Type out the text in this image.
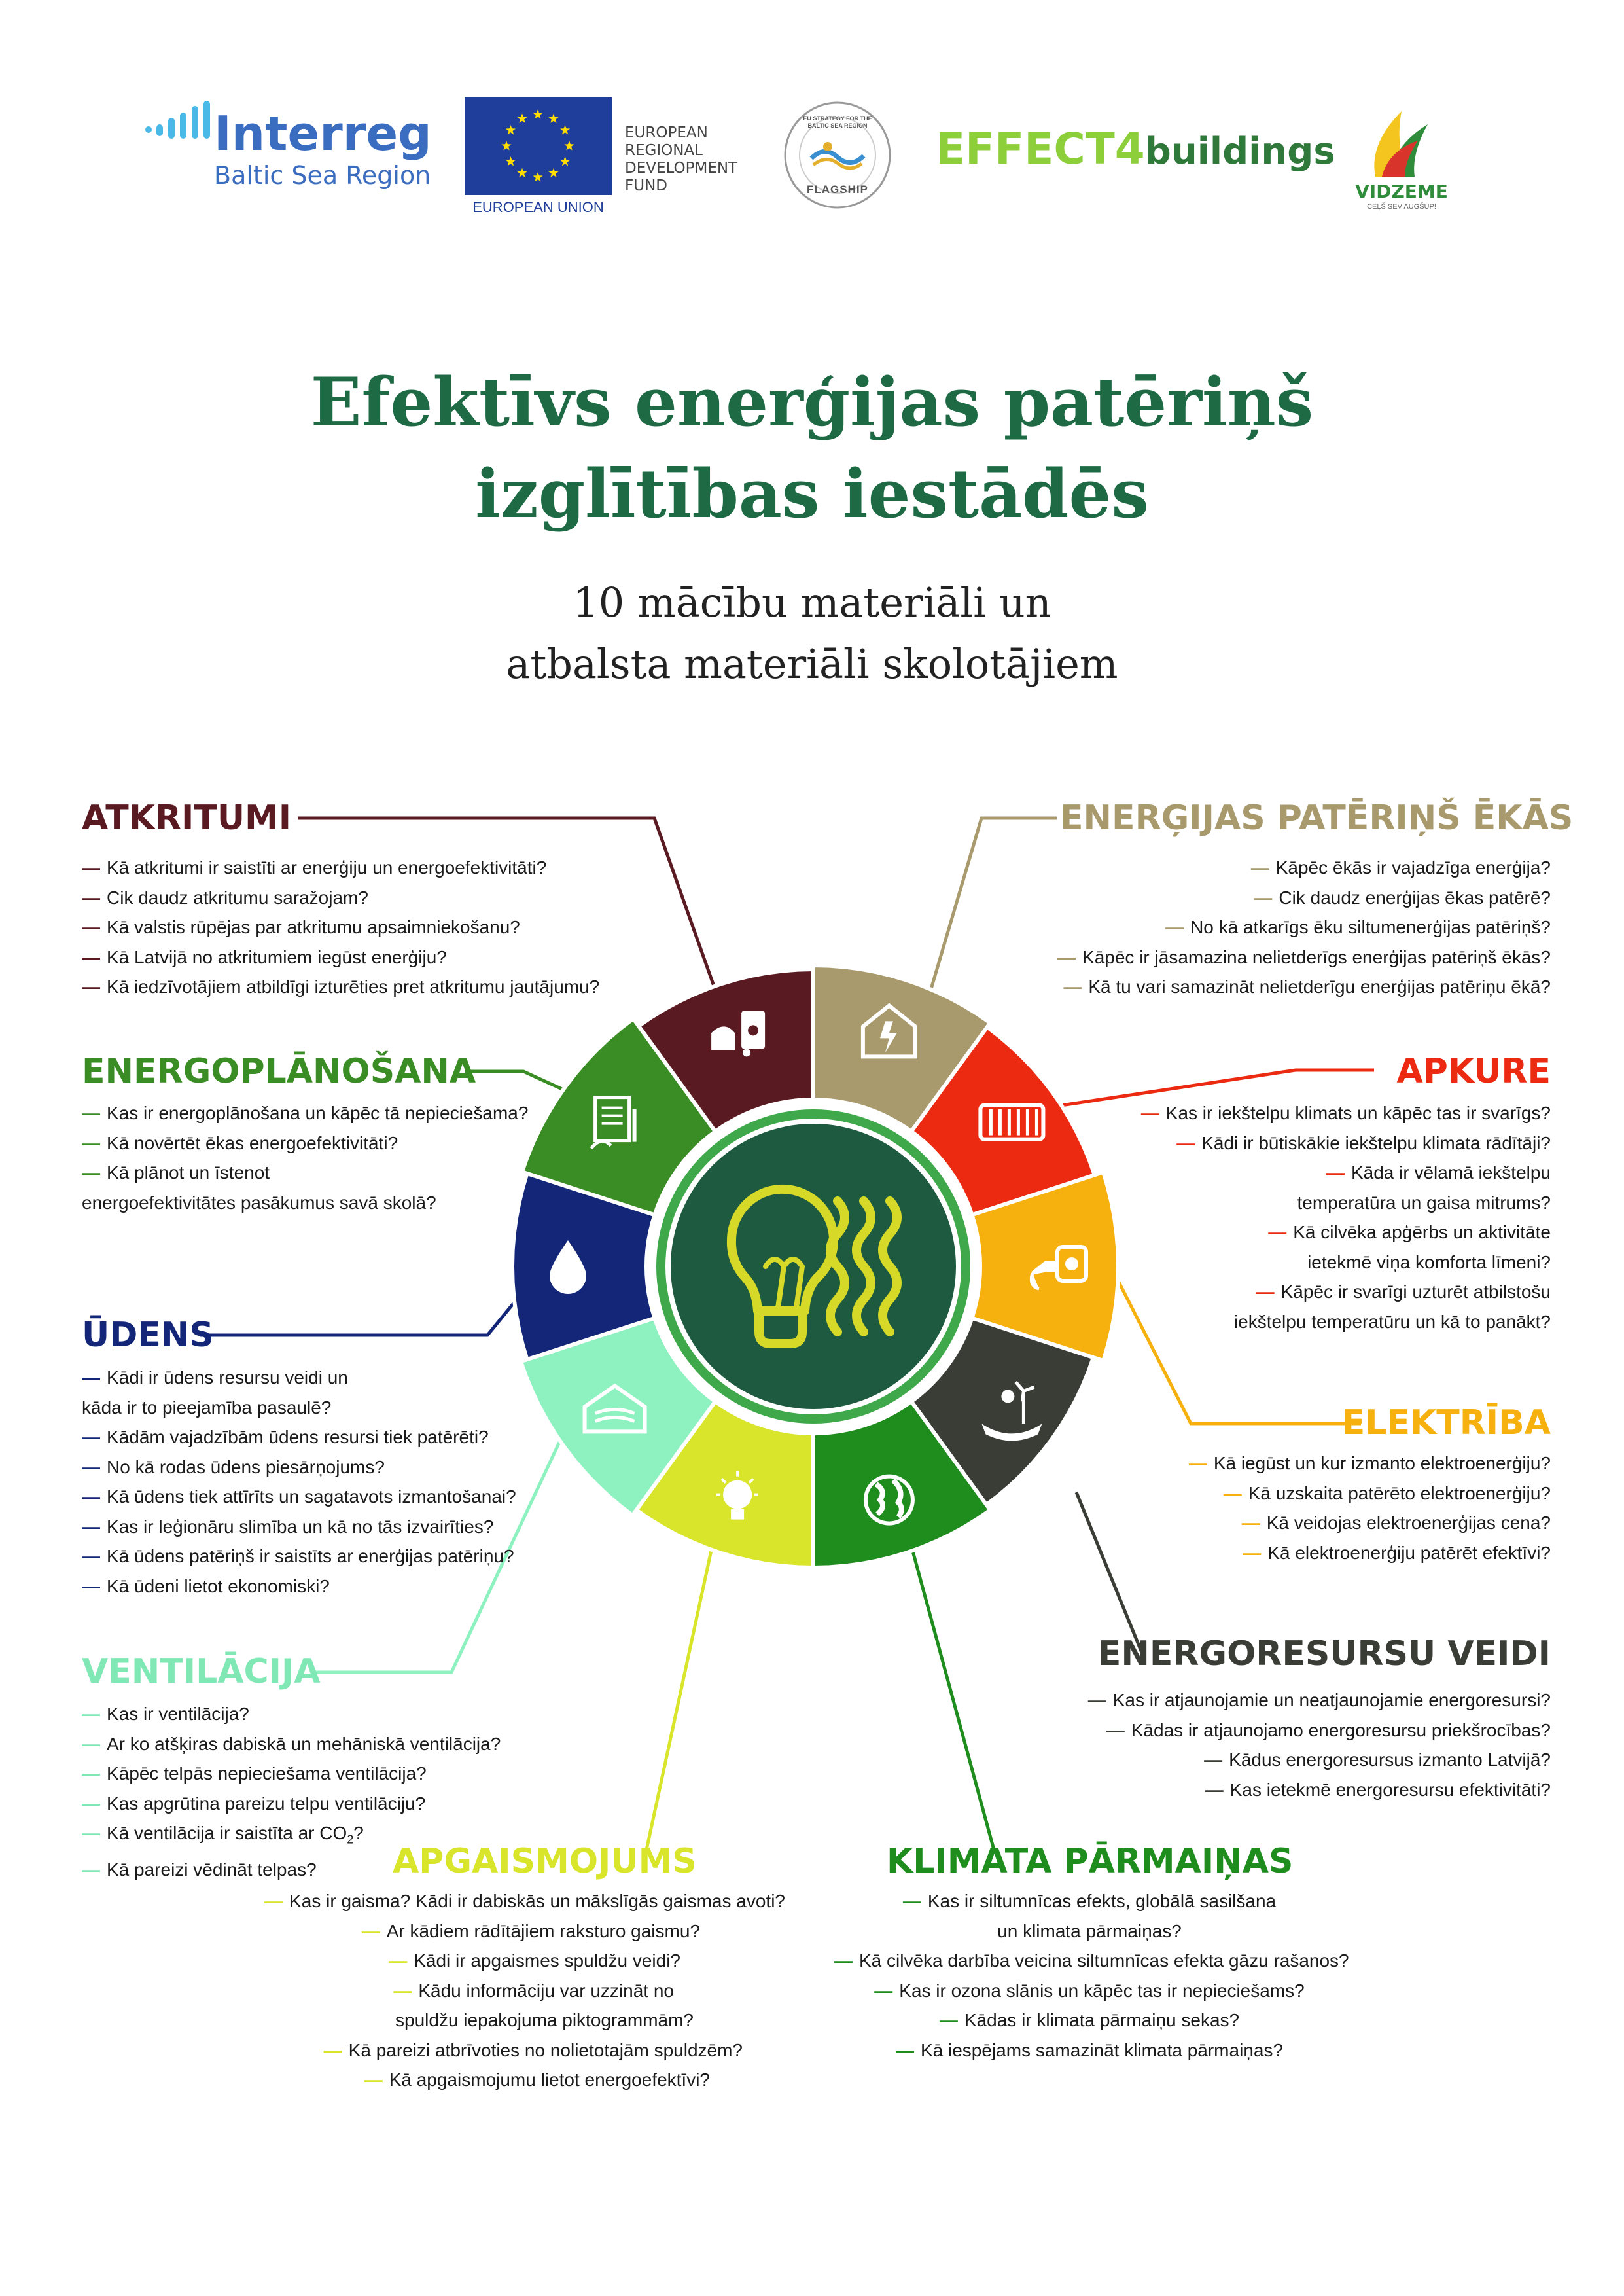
Interreg
Baltic Sea Region
EUROPEAN UNION
EUROPEAN
REGIONAL
DEVELOPMENT
FUND
EU STRATEGY FOR THE BALTIC SEA REGION
FLAGSHIP
EFFECT4buildings
VIDZEME
CEĻŠ SEV AUGŠUP!
Efektīvs enerģijas patēriņš
izglītības iestādēs
10 mācību materiāli un
atbalsta materiāli skolotājiem
ATKRITUMI
— Kā atkritumi ir saistīti ar enerģiju un energoefektivitāti?
— Cik daudz atkritumu saražojam?
— Kā valstis rūpējas par atkritumu apsaimniekošanu?
— Kā Latvijā no atkritumiem iegūst enerģiju?
— Kā iedzīvotājiem atbildīgi izturēties pret atkritumu jautājumu?
ENERGOPLĀNOŠANA
— Kas ir energoplānošana un kāpēc tā nepieciešama?
— Kā novērtēt ēkas energoefektivitāti?
— Kā plānot un īstenot
energoefektivitātes pasākumus savā skolā?
ŪDENS
— Kādi ir ūdens resursu veidi un
kāda ir to pieejamība pasaulē?
— Kādām vajadzībām ūdens resursi tiek patērēti?
— No kā rodas ūdens piesārņojums?
— Kā ūdens tiek attīrīts un sagatavots izmantošanai?
— Kas ir leģionāru slimība un kā no tās izvairīties?
— Kā ūdens patēriņš ir saistīts ar enerģijas patēriņu?
— Kā ūdeni lietot ekonomiski?
VENTILĀCIJA
— Kas ir ventilācija?
— Ar ko atšķiras dabiskā un mehāniskā ventilācija?
— Kāpēc telpās nepieciešama ventilācija?
— Kas apgrūtina pareizu telpu ventilāciju?
— Kā ventilācija ir saistīta ar $CO_2$?
— Kā pareizi vēdināt telpas?	APGAISMOJUMS
— Kas ir gaisma? Kādi ir dabiskās un mākslīgās gaismas avoti?
— Ar kādiem rādītājiem raksturo gaismu?
— Kādi ir apgaismes spuldžu veidi?
— Kādu informāciju var uzzināt no
spuldžu iepakojuma piktogrammām?
— Kā pareizi atbrīvoties no nolietotajām spuldzēm?
— Kā apgaismojumu lietot energoefektīvi?
KLIMATA PĀRMAIŅAS
— Kas ir siltumnīcas efekts, globālā sasilšana
un klimata pārmaiņas?
— Kā cilvēka darbība veicina siltumnīcas efekta gāzu rašanos?
— Kas ir ozona slānis un kāpēc tas ir nepieciešams?
— Kādas ir klimata pārmaiņu sekas?
— Kā iespējams samazināt klimata pārmaiņas?
ENERĢIJAS PATĒRIŅŠ ĒKĀS
— Kāpēc ēkās ir vajadzīga enerģija?
— Cik daudz enerģijas ēkas patērē?
— No kā atkarīgs ēku siltumenerģijas patēriņš?
— Kāpēc ir jāsamazina nelietderīgs enerģijas patēriņš ēkās?
— Kā tu vari samazināt nelietderīgu enerģijas patēriņu ēkā?
APKURE
— Kas ir iekštelpu klimats un kāpēc tas ir svarīgs?
— Kādi ir būtiskākie iekštelpu klimata rādītāji?
— Kāda ir vēlamā iekštelpu
temperatūra un gaisa mitrums?
— Kā cilvēka apģērbs un aktivitāte
ietekmē viņa komforta līmeni?
— Kāpēc ir svarīgi uzturēt atbilstošu
iekštelpu temperatūru un kā to panākt?
ELEKTRĪBA
— Kā iegūst un kur izmanto elektroenerģiju?
— Kā uzskaita patērēto elektroenerģiju?
— Kā veidojas elektroenerģijas cena?
— Kā elektroenerģiju patērēt efektīvi?
ENERGORESURSU VEIDI
— Kas ir atjaunojamie un neatjaunojamie energoresursi?
— Kādas ir atjaunojamo energoresursu priekšrocības?
— Kādus energoresursus izmanto Latvijā?
— Kas ietekmē energoresursu efektivitāti?
